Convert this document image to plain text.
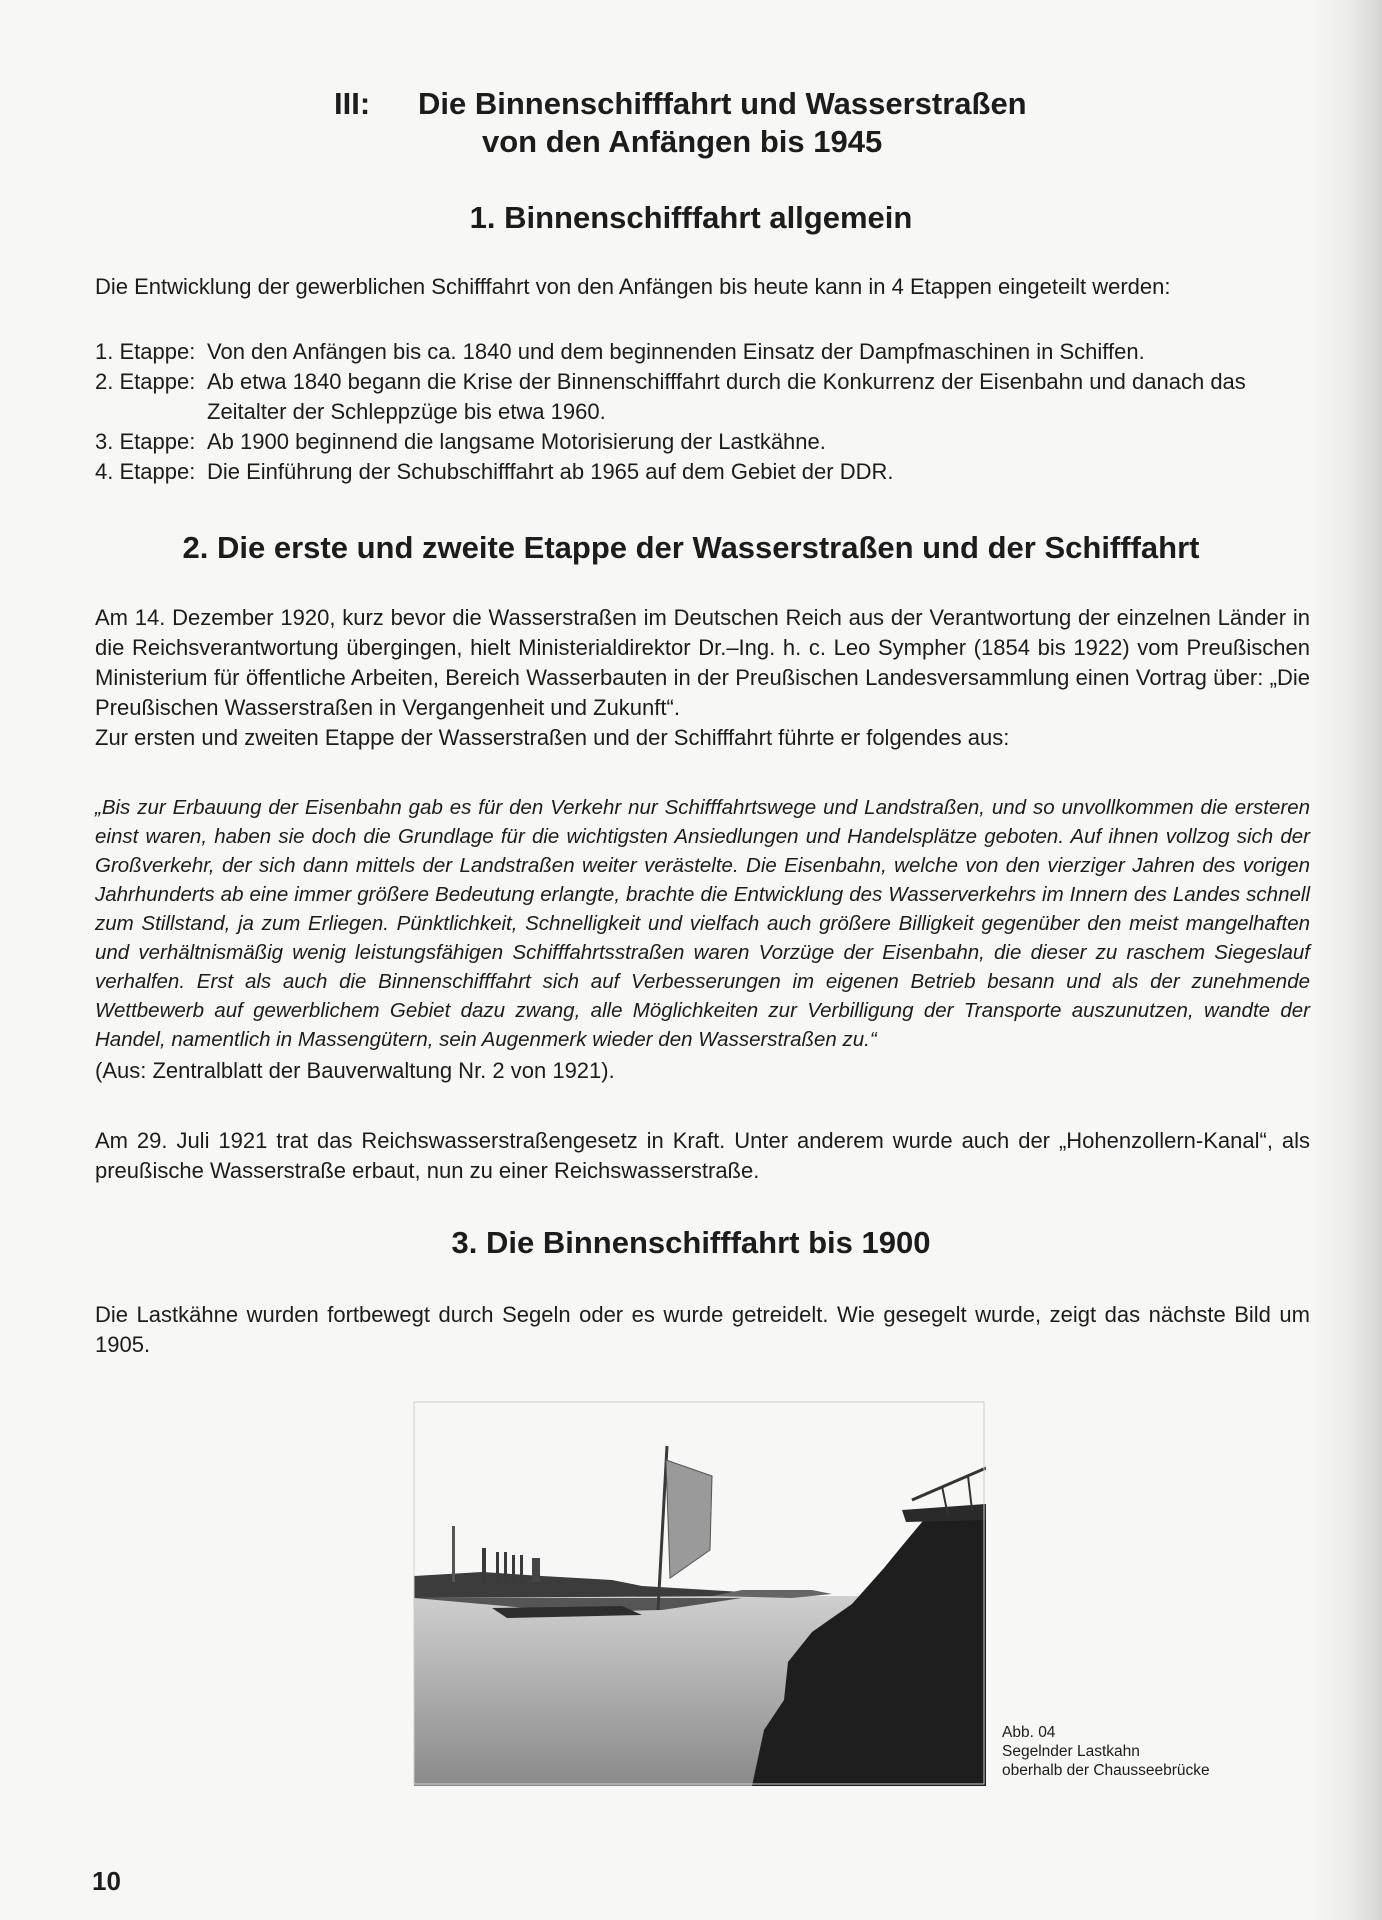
III: Die Binnenschifffahrt und Wasserstraßen
von den Anfängen bis 1945
1. Binnenschifffahrt allgemein

Die Entwicklung der gewerblichen Schifffahrt von den Anfängen bis heute kann in 4 Etappen eingeteilt werden:

1. Etappe: Von den Anfängen bis ca. 1840 und dem beginnenden Einsatz der Dampfmaschinen in Schiffen.
2. Etappe: Ab etwa 1840 begann die Krise der Binnenschifffahrt durch die Konkurrenz der Eisenbahn und danach das Zeitalter der Schleppzüge bis etwa 1960.
3. Etappe: Ab 1900 beginnend die langsame Motorisierung der Lastkähne.
4. Etappe: Die Einführung der Schubschifffahrt ab 1965 auf dem Gebiet der DDR.
2. Die erste und zweite Etappe der Wasserstraßen und der Schifffahrt

Am 14. Dezember 1920, kurz bevor die Wasserstraßen im Deutschen Reich aus der Verantwortung der einzelnen Länder in die Reichsverantwortung übergingen, hielt Ministerialdirektor Dr.–Ing. h. c. Leo Sympher (1854 bis 1922) vom Preußischen Ministerium für öffentliche Arbeiten, Bereich Wasserbauten in der Preußischen Landesversammlung einen Vortrag über: „Die Preußischen Wasserstraßen in Vergangenheit und Zukunft“.

Zur ersten und zweiten Etappe der Wasserstraßen und der Schifffahrt führte er folgendes aus:

„Bis zur Erbauung der Eisenbahn gab es für den Verkehr nur Schifffahrtswege und Landstraßen, und so unvollkommen die ersteren einst waren, haben sie doch die Grundlage für die wichtigsten Ansiedlungen und Handelsplätze geboten. Auf ihnen vollzog sich der Großverkehr, der sich dann mittels der Landstraßen weiter verästelte. Die Eisenbahn, welche von den vierziger Jahren des vorigen Jahrhunderts ab eine immer größere Bedeutung erlangte, brachte die Entwicklung des Wasserverkehrs im Innern des Landes schnell zum Stillstand, ja zum Erliegen. Pünktlichkeit, Schnelligkeit und vielfach auch größere Billigkeit gegenüber den meist mangelhaften und verhältnismäßig wenig leistungsfähigen Schifffahrtsstraßen waren Vorzüge der Eisenbahn, die dieser zu raschem Siegeslauf verhalfen. Erst als auch die Binnenschifffahrt sich auf Verbesserungen im eigenen Betrieb besann und als der zunehmende Wettbewerb auf gewerblichem Gebiet dazu zwang, alle Möglichkeiten zur Verbilligung der Transporte auszunutzen, wandte der Handel, namentlich in Massengütern, sein Augenmerk wieder den Wasserstraßen zu.“

(Aus: Zentralblatt der Bauverwaltung Nr. 2 von 1921).

Am 29. Juli 1921 trat das Reichswasserstraßengesetz in Kraft. Unter anderem wurde auch der „Hohenzollern-Kanal“, als preußische Wasserstraße erbaut, nun zu einer Reichswasserstraße.

3. Die Binnenschifffahrt bis 1900

Die Lastkähne wurden fortbewegt durch Segeln oder es wurde getreidelt. Wie gesegelt wurde, zeigt das nächste Bild um 1905.

Abb. 04
Segelnder Lastkahn
oberhalb der Chausseebrücke
10
